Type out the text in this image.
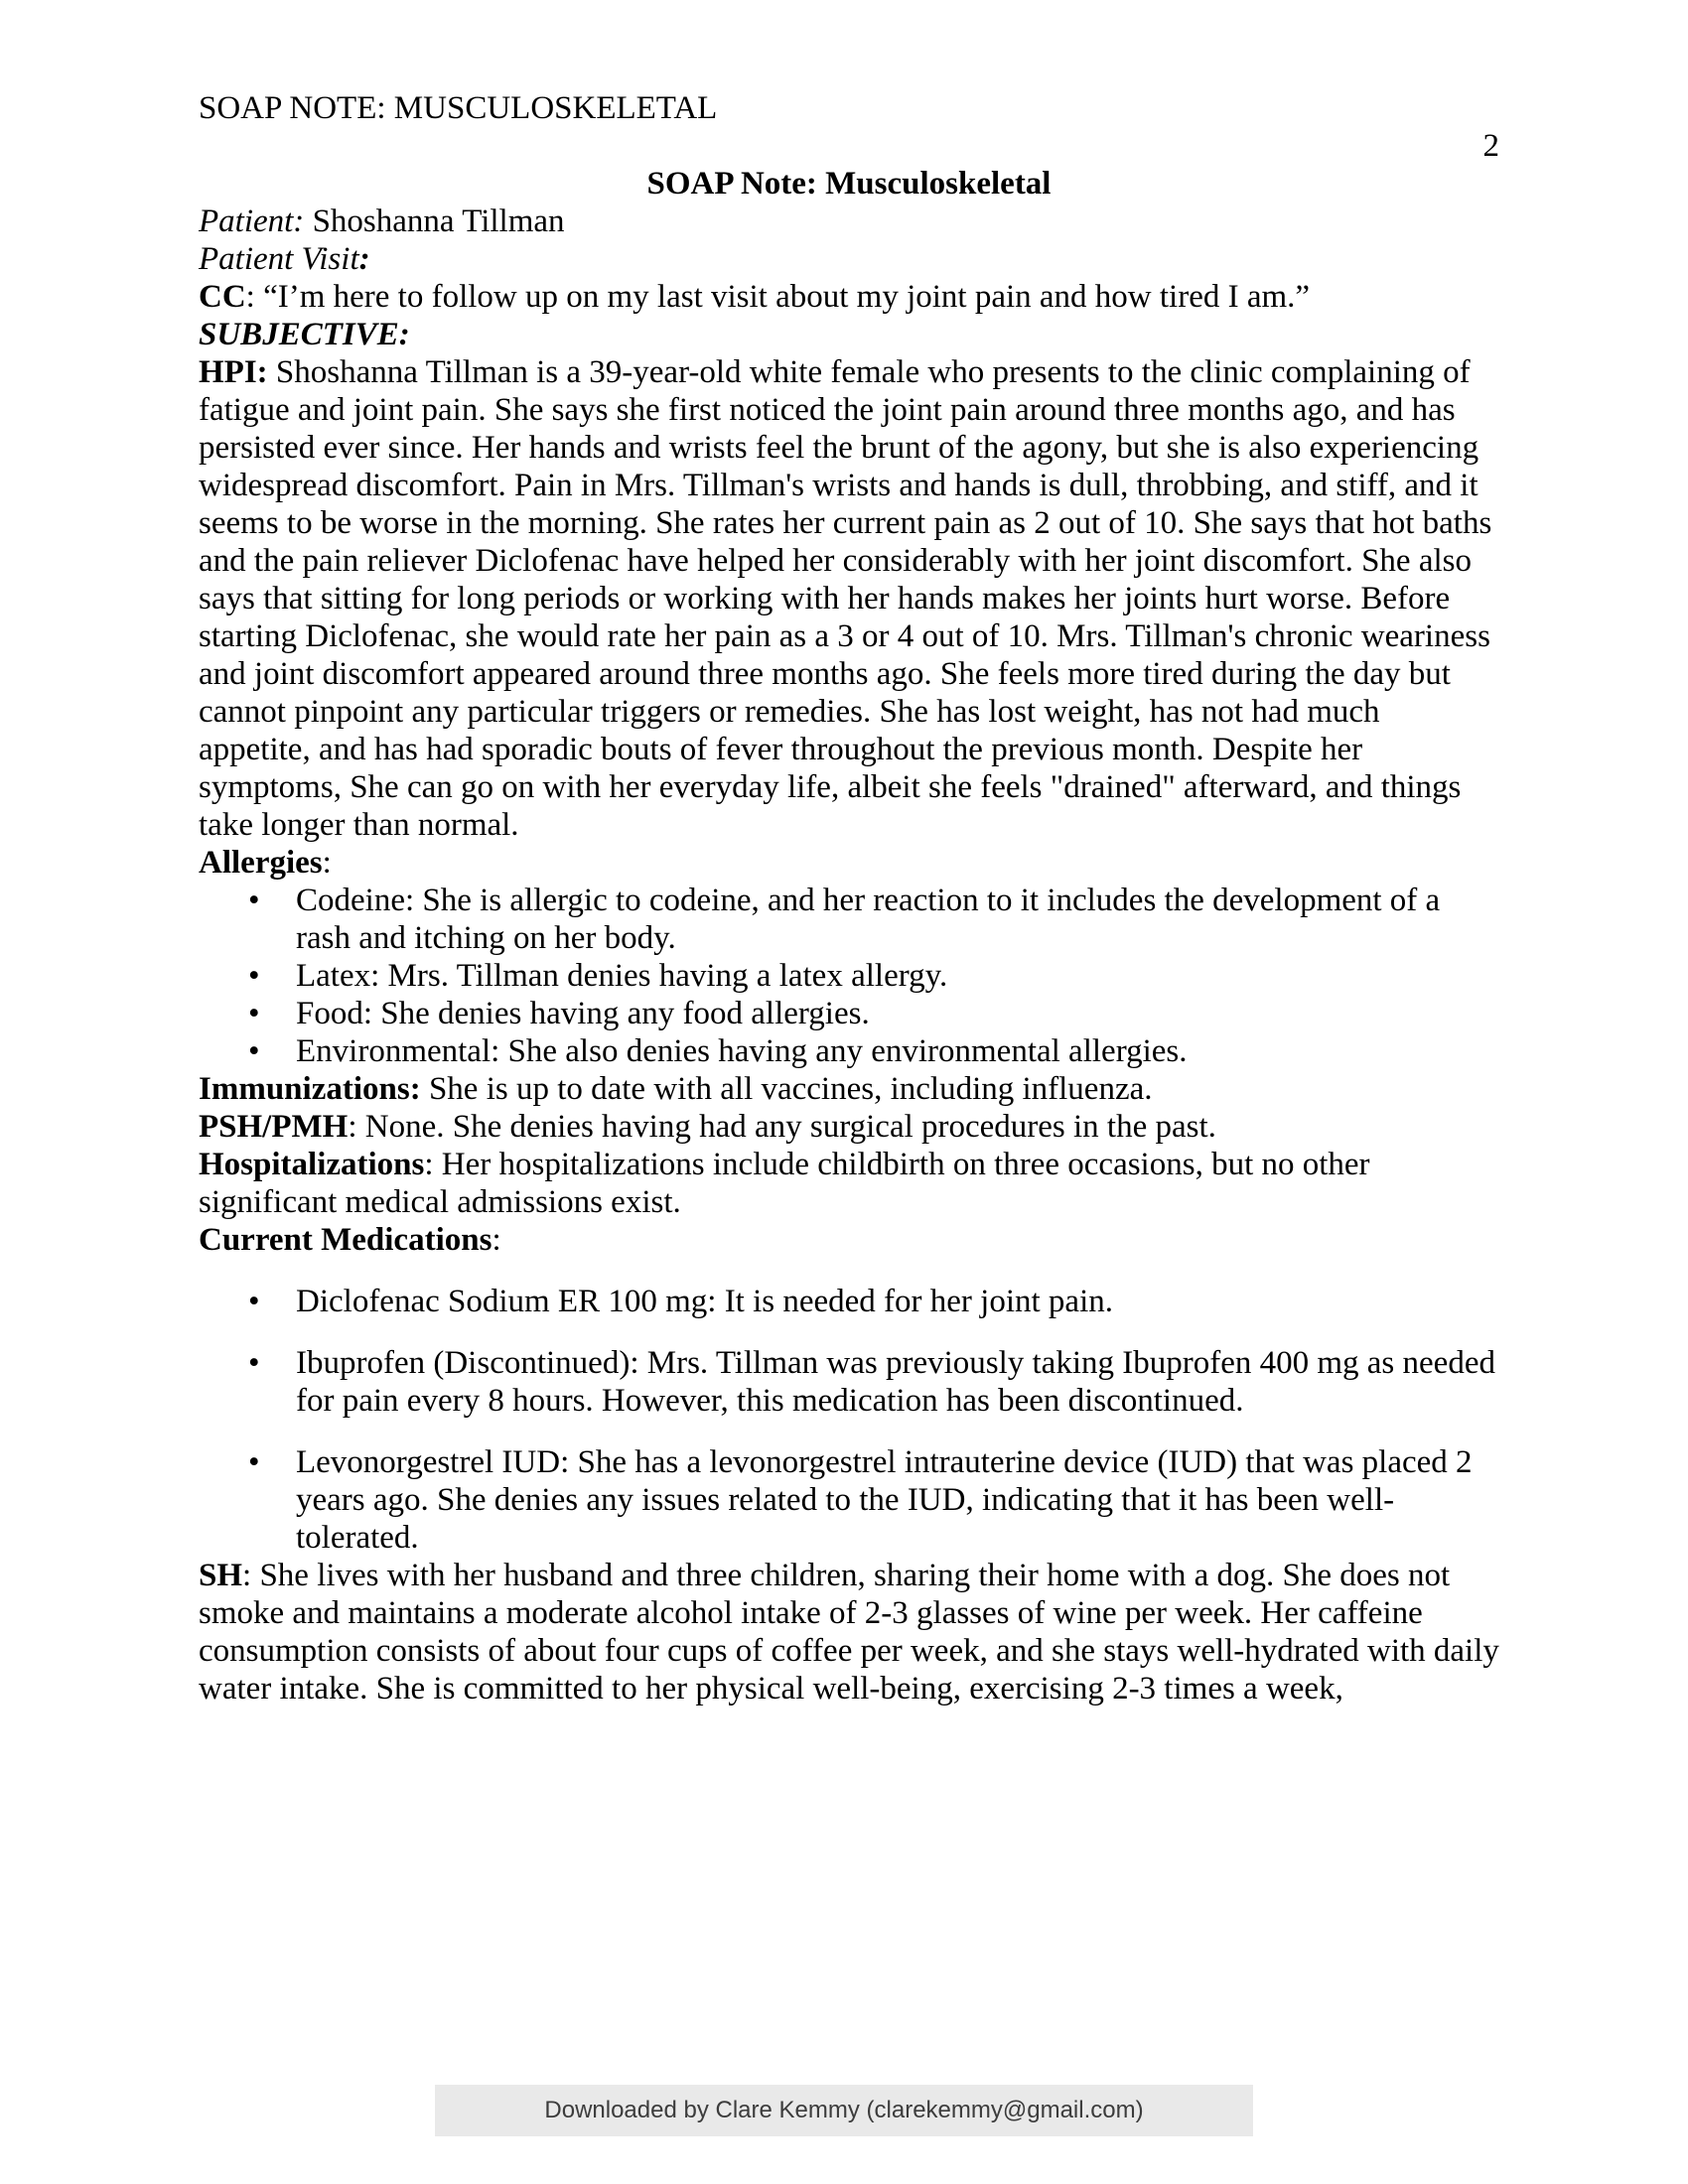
SOAP NOTE: MUSCULOSKELETAL
2
SOAP Note: Musculoskeletal

Patient: Shoshanna Tillman

Patient Visit:

CC: “I’m here to follow up on my last visit about my joint pain and how tired I am.”

SUBJECTIVE:

HPI: Shoshanna Tillman is a 39-year-old white female who presents to the clinic complaining of fatigue and joint pain. She says she first noticed the joint pain around three months ago, and has persisted ever since. Her hands and wrists feel the brunt of the agony, but she is also experiencing widespread discomfort. Pain in Mrs. Tillman's wrists and hands is dull, throbbing, and stiff, and it seems to be worse in the morning. She rates her current pain as 2 out of 10. She says that hot baths and the pain reliever Diclofenac have helped her considerably with her joint discomfort. She also says that sitting for long periods or working with her hands makes her joints hurt worse. Before starting Diclofenac, she would rate her pain as a 3 or 4 out of 10. Mrs. Tillman's chronic weariness and joint discomfort appeared around three months ago. She feels more tired during the day but cannot pinpoint any particular triggers or remedies. She has lost weight, has not had much appetite, and has had sporadic bouts of fever throughout the previous month. Despite her symptoms, She can go on with her everyday life, albeit she feels "drained" afterward, and things take longer than normal.

Allergies:

• Codeine: She is allergic to codeine, and her reaction to it includes the development of a rash and itching on her body.
• Latex: Mrs. Tillman denies having a latex allergy.
• Food: She denies having any food allergies.
• Environmental: She also denies having any environmental allergies.

Immunizations: She is up to date with all vaccines, including influenza.

PSH/PMH: None. She denies having had any surgical procedures in the past.

Hospitalizations: Her hospitalizations include childbirth on three occasions, but no other significant medical admissions exist.

Current Medications:

• Diclofenac Sodium ER 100 mg: It is needed for her joint pain.
• Ibuprofen (Discontinued): Mrs. Tillman was previously taking Ibuprofen 400 mg as needed for pain every 8 hours. However, this medication has been discontinued.
• Levonorgestrel IUD: She has a levonorgestrel intrauterine device (IUD) that was placed 2 years ago. She denies any issues related to the IUD, indicating that it has been well-tolerated.

SH: She lives with her husband and three children, sharing their home with a dog. She does not smoke and maintains a moderate alcohol intake of 2-3 glasses of wine per week. Her caffeine consumption consists of about four cups of coffee per week, and she stays well-hydrated with daily water intake. She is committed to her physical well-being, exercising 2-3 times a week,

Downloaded by Clare Kemmy (clarekemmy@gmail.com)
